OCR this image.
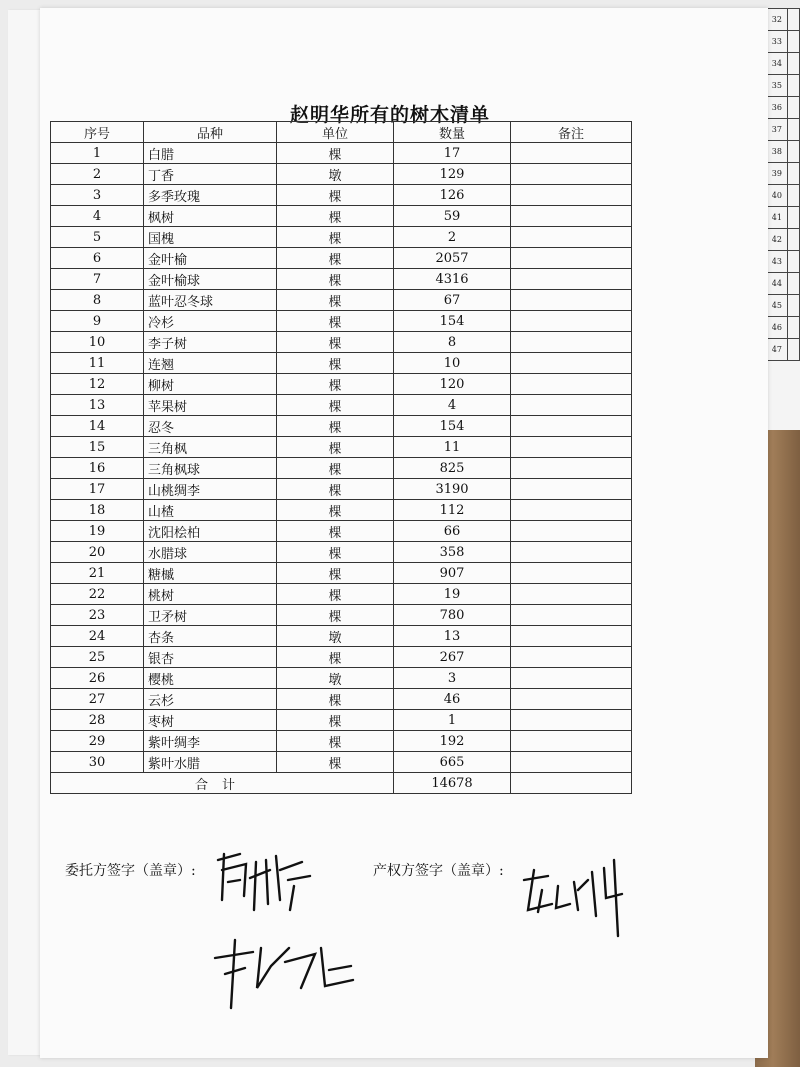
32	
33	
34	
35	
36	
37	
38	
39	
40	
41	
42	
43	
44	
45	
46	
47	
赵明华所有的树木清单
序号	品种	单位	数量	备注
1	白腊	棵	17	
2	丁香	墩	129	
3	多季玫瑰	棵	126	
4	枫树	棵	59	
5	国槐	棵	2	
6	金叶榆	棵	2057	
7	金叶榆球	棵	4316	
8	蓝叶忍冬球	棵	67	
9	冷杉	棵	154	
10	李子树	棵	8	
11	连翘	棵	10	
12	柳树	棵	120	
13	苹果树	棵	4	
14	忍冬	棵	154	
15	三角枫	棵	11	
16	三角枫球	棵	825	
17	山桃绸李	棵	3190	
18	山楂	棵	112	
19	沈阳桧柏	棵	66	
20	水腊球	棵	358	
21	糖槭	棵	907	
22	桃树	棵	19	
23	卫矛树	棵	780	
24	杏条	墩	13	
25	银杏	棵	267	
26	樱桃	墩	3	
27	云杉	棵	46	
28	枣树	棵	1	
29	紫叶绸李	棵	192	
30	紫叶水腊	棵	665	
合计			14678	
委托方签字（盖章）:	产权方签字（盖章）:
